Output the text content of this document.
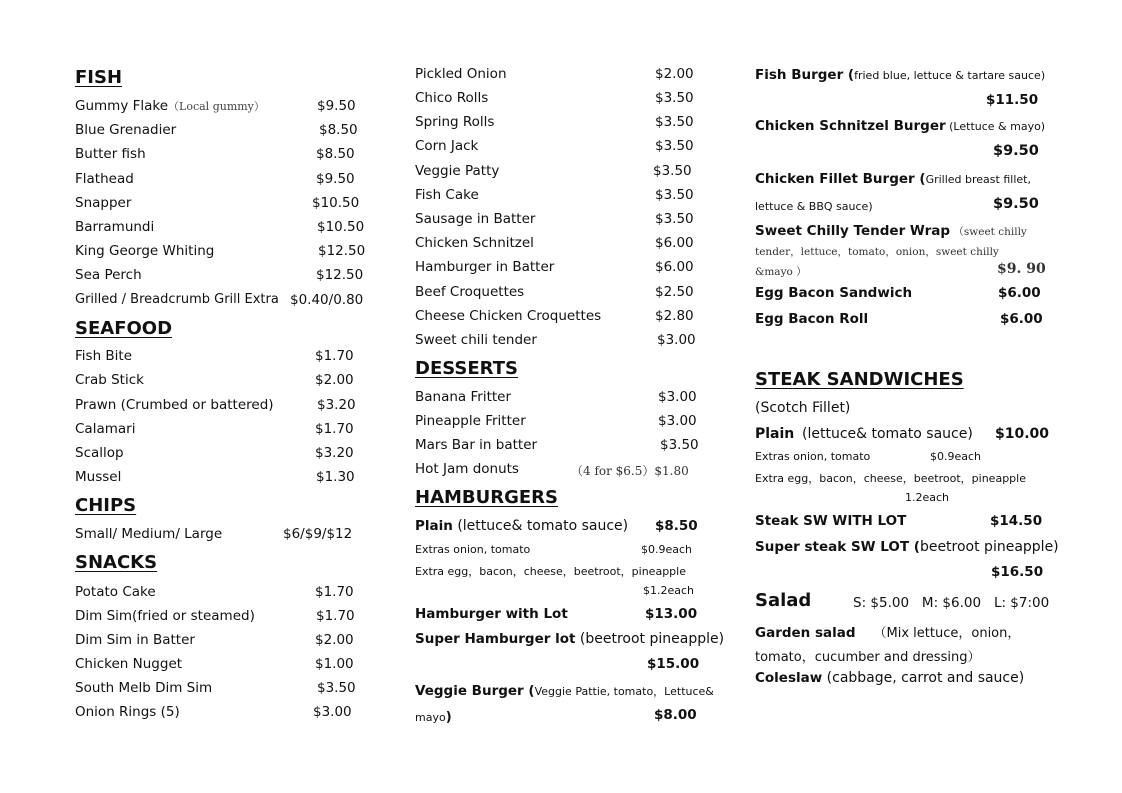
FISH
Gummy Flake（Local gummy）	$9.50
Blue Grenadier	$8.50
Butter fish	$8.50
Flathead	$9.50
Snapper	$10.50
Barramundi	$10.50
King George Whiting	$12.50
Sea Perch	$12.50
Grilled / Breadcrumb Grill Extra $0.40/0.80
SEAFOOD
Fish Bite	$1.70
Crab Stick	$2.00
Prawn (Crumbed or battered)	$3.20
Calamari	$1.70
Scallop	$3.20
Mussel	$1.30
CHIPS
Small/ Medium/ Large	$6/$9/$12
SNACKS
Potato Cake	$1.70
Dim Sim(fried or steamed)	$1.70
Dim Sim in Batter	$2.00
Chicken Nugget	$1.00
South Melb Dim Sim	$3.50
Onion Rings (5)	$3.00
Pickled Onion	$2.00
Chico Rolls	$3.50
Spring Rolls	$3.50
Corn Jack	$3.50
Veggie Patty	$3.50
Fish Cake	$3.50
Sausage in Batter	$3.50
Chicken Schnitzel	$6.00
Hamburger in Batter	$6.00
Beef Croquettes	$2.50
Cheese Chicken Croquettes	$2.80
Sweet chili tender	$3.00
DESSERTS
Banana Fritter	$3.00
Pineapple Fritter	$3.00
Mars Bar in batter	$3.50
Hot Jam donuts	（4 for $6.5）$1.80
HAMBURGERS
Plain (lettuce& tomato sauce) $8.50
Extras onion, tomato	$0.9each
Extra egg，bacon，cheese，beetroot，pineapple
$1.2each
Hamburger with Lot	$13.00
Super Hamburger lot (beetroot pineapple)
$15.00
Veggie Burger (Veggie Pattie, tomato，Lettuce&
mayo)	$8.00
Fish Burger (fried blue, lettuce & tartare sauce)
$11.50
Chicken Schnitzel Burger (Lettuce & mayo)
$9.50
Chicken Fillet Burger (Grilled breast fillet,
lettuce & BBQ sauce)	$9.50
Sweet Chilly Tender Wrap （sweet chilly
tender，lettuce，tomato，onion，sweet chilly
&mayo ）	$9. 90
Egg Bacon Sandwich	$6.00
Egg Bacon Roll	$6.00
STEAK SANDWICHES
(Scotch Fillet)
Plain (lettuce& tomato sauce) $10.00
Extras onion, tomato	$0.9each
Extra egg，bacon，cheese，beetroot，pineapple
1.2each
Steak SW WITH LOT	$14.50
Super steak SW LOT (beetroot pineapple)
$16.50
Salad	S: $5.00   M: $6.00   L: $7:00
Garden salad （Mix lettuce，onion，
tomato，cucumber and dressing）
Coleslaw (cabbage, carrot and sauce)
